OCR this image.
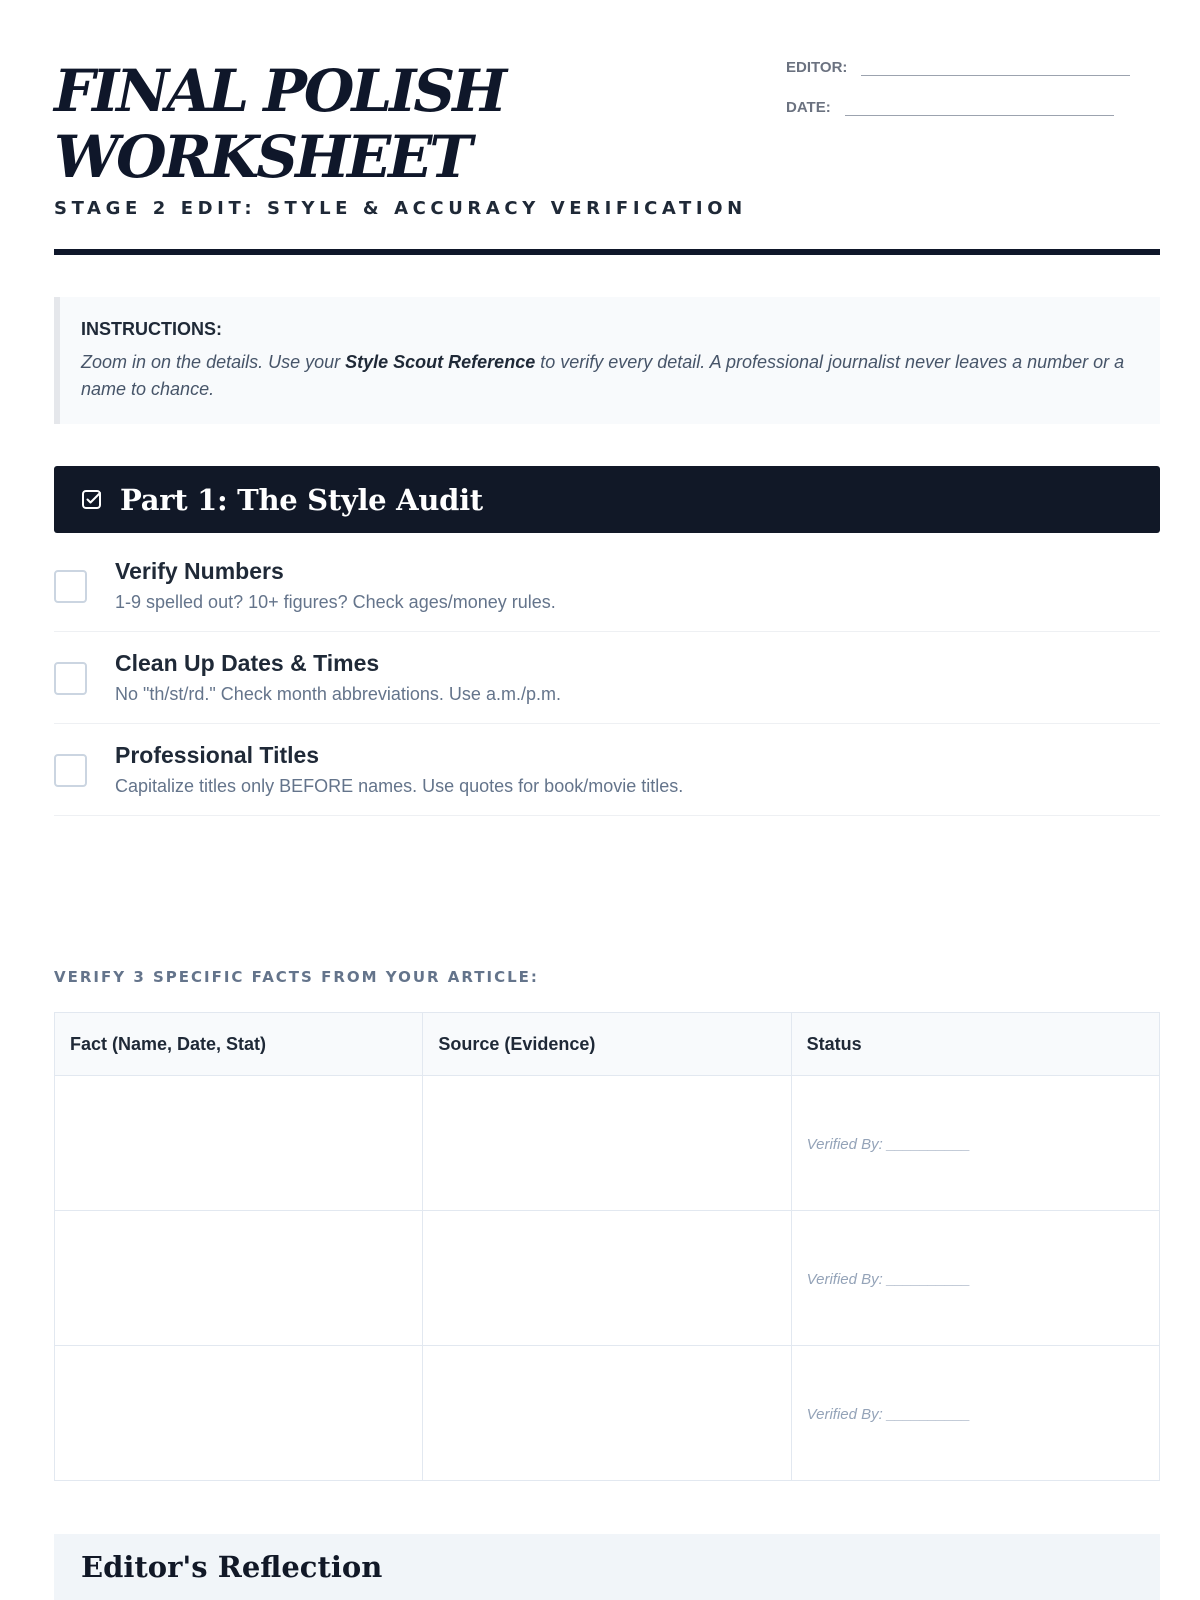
FINAL POLISH
WORKSHEET
STAGE 2 EDIT: STYLE & ACCURACY VERIFICATION
EDITOR:
DATE:
INSTRUCTIONS:
Zoom in on the details. Use your Style Scout Reference to verify every detail. A professional journalist never leaves a number or a name to chance.
Part 1: The Style Audit
Verify Numbers
1-9 spelled out? 10+ figures? Check ages/money rules.
Clean Up Dates & Times
No "th/st/rd." Check month abbreviations. Use a.m./p.m.
Professional Titles
Capitalize titles only BEFORE names. Use quotes for book/movie titles.
VERIFY 3 SPECIFIC FACTS FROM YOUR ARTICLE:
Fact (Name, Date, Stat)	Source (Evidence)	Status
		Verified By: __________
		Verified By: __________
		Verified By: __________
Editor's Reflection
